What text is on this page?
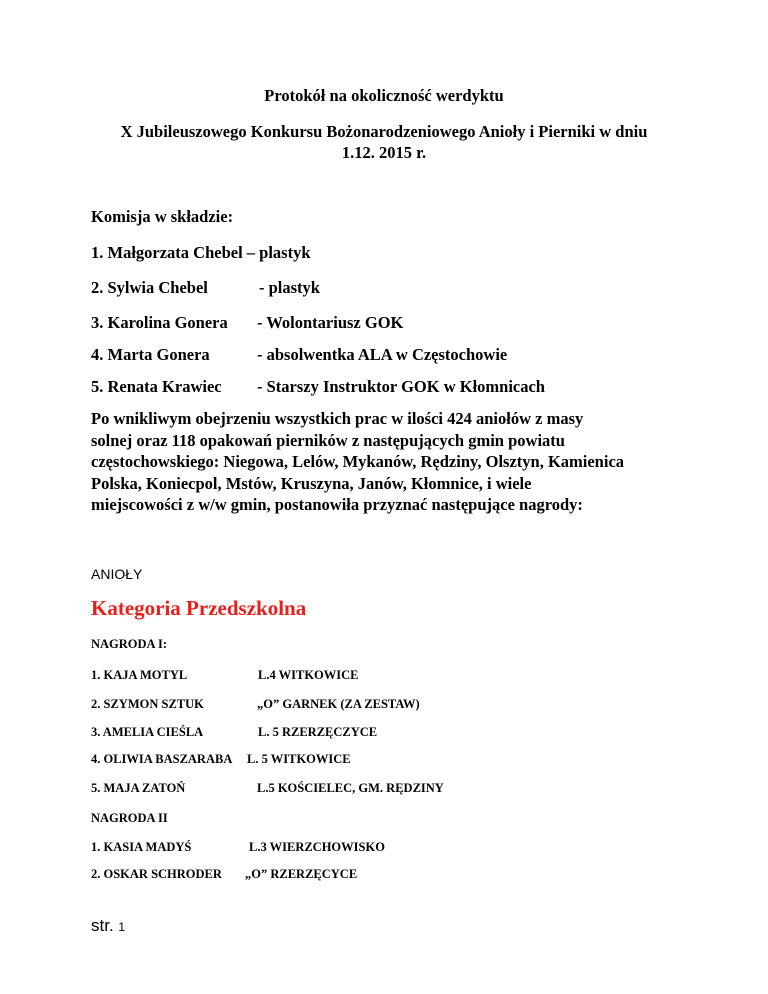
Protokół na okoliczność werdyktu
X Jubileuszowego Konkursu Bożonarodzeniowego Anioły i Pierniki w dniu
1.12. 2015 r.
Komisja w składzie:
1. Małgorzata Chebel – plastyk
2. Sylwia Chebel	- plastyk
3. Karolina Gonera - Wolontariusz GOK
4. Marta Gonera	- absolwentka ALA w Częstochowie
5. Renata Krawiec - Starszy Instruktor GOK w Kłomnicach
Po wnikliwym obejrzeniu wszystkich prac w ilości 424 aniołów z masy
solnej oraz 118 opakowań pierników z następujących gmin powiatu
częstochowskiego: Niegowa, Lelów, Mykanów, Rędziny, Olsztyn, Kamienica
Polska, Koniecpol, Mstów, Kruszyna, Janów, Kłomnice, i wiele
miejscowości z w/w gmin, postanowiła przyznać następujące nagrody:
ANIOŁY
Kategoria Przedszkolna
NAGRODA I:
1. KAJA MOTYL	L.4 WITKOWICE
2. SZYMON SZTUK	„O” GARNEK (ZA ZESTAW)
3. AMELIA CIEŚLA	L. 5 RZERZĘCZYCE
4. OLIWIA BASZARABA L. 5 WITKOWICE
5. MAJA ZATOŃ	L.5 KOŚCIELEC, GM. RĘDZINY
NAGRODA II
1. KASIA MADYŚ	L.3 WIERZCHOWISKO
2. OSKAR SCHRODER „O” RZERZĘCYCE
str. 1
